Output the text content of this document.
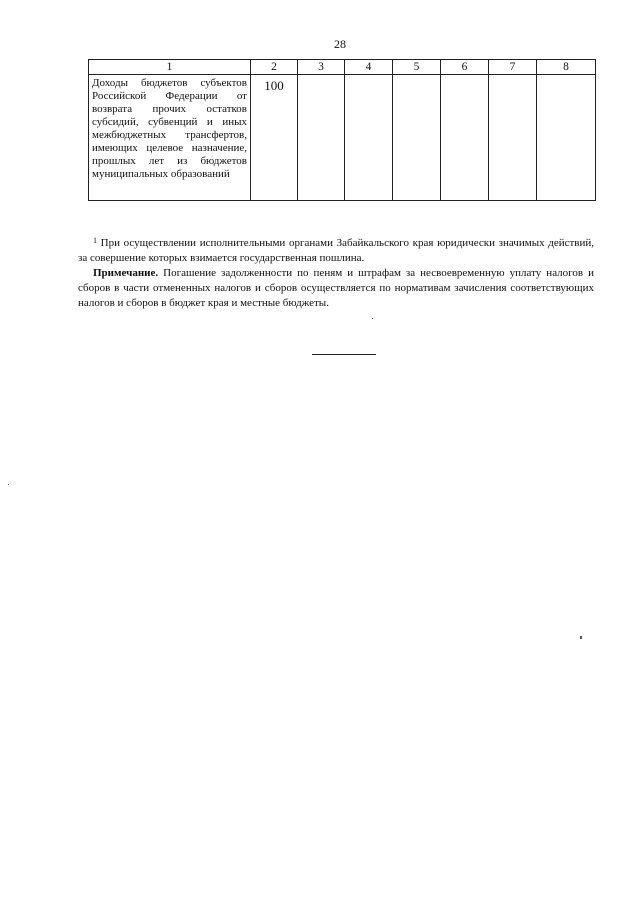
28
1	2	3	4	5	6	7	8
Доходы бюджетов субъектов Российской Федерации от возврата прочих остатков субсидий, субвенций и иных межбюджетных трансфертов, имеющих целевое назначение, прошлых лет из бюджетов муниципальных образований	100						

$^1$ При осуществлении исполнительными органами Забайкальского края юридически значимых действий, за совершение которых взимается государственная пошлина.

Примечание. Погашение задолженности по пеням и штрафам за несвоевременную уплату налогов и сборов в части отмененных налогов и сборов осуществляется по нормативам зачисления соответствующих налогов и сборов в бюджет края и местные бюджеты.
